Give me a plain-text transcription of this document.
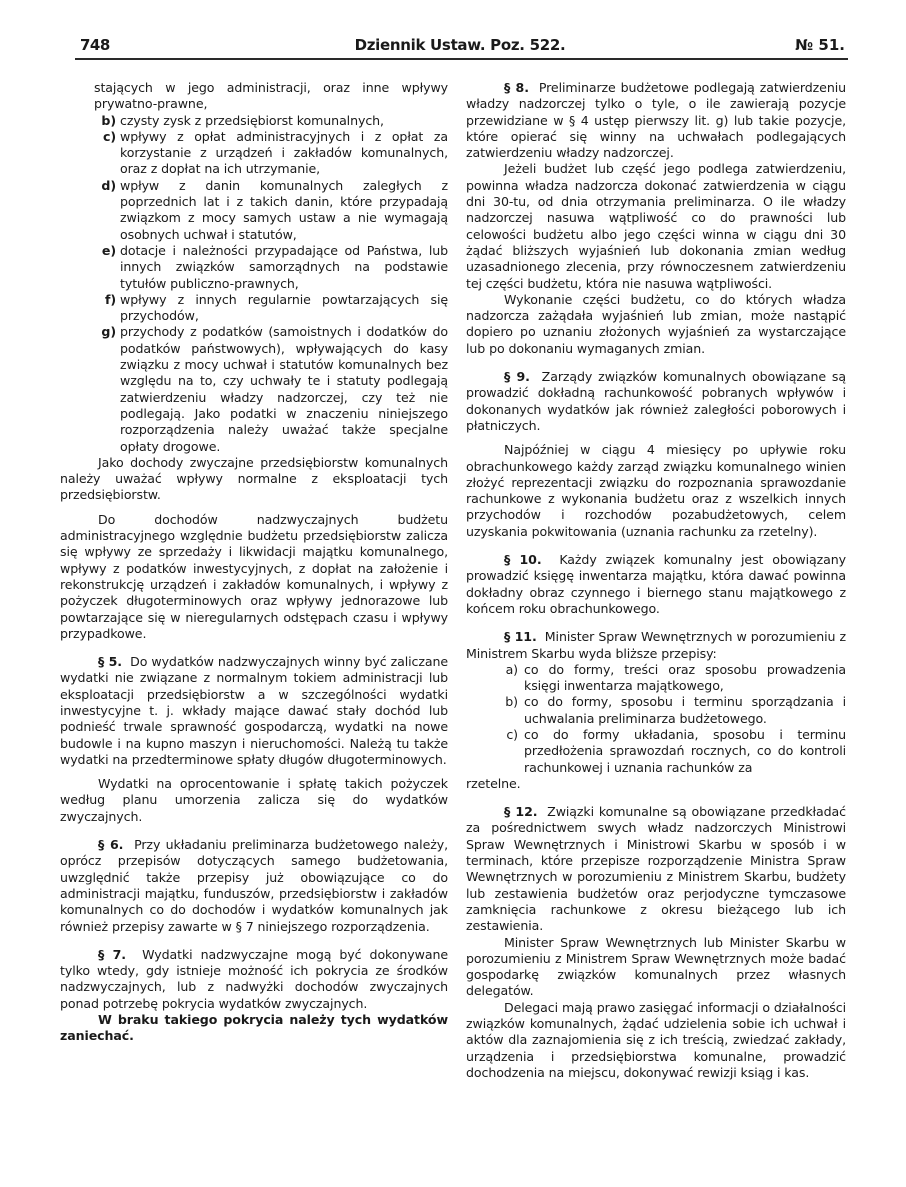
748	Dziennik Ustaw. Poz. 522.	№ 51.

stających w jego administracji, oraz inne wpływy prywatno-prawne,

b) czysty zysk z przedsiębiorst komunalnych,
c) wpływy z opłat administracyjnych i z opłat za korzystanie z urządzeń i zakładów komunalnych, oraz z dopłat na ich utrzymanie,
d) wpływ z danin komunalnych zaległych z poprzednich lat i z takich danin, które przypadają związkom z mocy samych ustaw a nie wymagają osobnych uchwał i statutów,
e) dotacje i należności przypadające od Państwa, lub innych związków samorządnych na podstawie tytułów publiczno-prawnych,
f) wpływy z innych regularnie powtarzających się przychodów,
g) przychody z podatków (samoistnych i dodatków do podatków państwowych), wpływających do kasy związku z mocy uchwał i statutów komunalnych bez względu na to, czy uchwały te i statuty podlegają zatwierdzeniu władzy nadzorczej, czy też nie podlegają. Jako podatki w znaczeniu niniejszego rozporządzenia należy uważać także specjalne opłaty drogowe.

Jako dochody zwyczajne przedsiębiorstw komunalnych należy uważać wpływy normalne z eksploatacji tych przedsiębiorstw.

Do dochodów nadzwyczajnych budżetu administracyjnego względnie budżetu przedsiębiorstw zalicza się wpływy ze sprzedaży i likwidacji majątku komunalnego, wpływy z podatków inwestycyjnych, z dopłat na założenie i rekonstrukcję urządzeń i zakładów komunalnych, i wpływy z pożyczek długoterminowych oraz wpływy jednorazowe lub powtarzające się w nieregularnych odstępach czasu i wpływy przypadkowe.

§ 5. Do wydatków nadzwyczajnych winny być zaliczane wydatki nie związane z normalnym tokiem administracji lub eksploatacji przedsiębiorstw a w szczególności wydatki inwestycyjne t. j. wkłady mające dawać stały dochód lub podnieść trwale sprawność gospodarczą, wydatki na nowe budowle i na kupno maszyn i nieruchomości. Należą tu także wydatki na przedterminowe spłaty długów długoterminowych.

Wydatki na oprocentowanie i spłatę takich pożyczek według planu umorzenia zalicza się do wydatków zwyczajnych.

§ 6. Przy układaniu preliminarza budżetowego należy, oprócz przepisów dotyczących samego budżetowania, uwzględnić także przepisy już obowiązujące co do administracji majątku, funduszów, przedsiębiorstw i zakładów komunalnych co do dochodów i wydatków komunalnych jak również przepisy zawarte w § 7 niniejszego rozporządzenia.

§ 7. Wydatki nadzwyczajne mogą być dokonywane tylko wtedy, gdy istnieje możność ich pokrycia ze środków nadzwyczajnych, lub z nadwyżki dochodów zwyczajnych ponad potrzebę pokrycia wydatków zwyczajnych.

W braku takiego pokrycia należy tych wydatków zaniechać.

§ 8. Preliminarze budżetowe podlegają zatwierdzeniu władzy nadzorczej tylko o tyle, o ile zawierają pozycje przewidziane w § 4 ustęp pierwszy lit. g) lub takie pozycje, które opierać się winny na uchwałach podlegających zatwierdzeniu władzy nadzorczej.

Jeżeli budżet lub część jego podlega zatwierdzeniu, powinna władza nadzorcza dokonać zatwierdzenia w ciągu dni 30-tu, od dnia otrzymania preliminarza. O ile władzy nadzorczej nasuwa wątpliwość co do prawności lub celowości budżetu albo jego części winna w ciągu dni 30 żądać bliższych wyjaśnień lub dokonania zmian według uzasadnionego zlecenia, przy równoczesnem zatwierdzeniu tej części budżetu, która nie nasuwa wątpliwości.

Wykonanie części budżetu, co do których władza nadzorcza zażądała wyjaśnień lub zmian, może nastąpić dopiero po uznaniu złożonych wyjaśnień za wystarczające lub po dokonaniu wymaganych zmian.

§ 9. Zarządy związków komunalnych obowiązane są prowadzić dokładną rachunkowość pobranych wpływów i dokonanych wydatków jak również zaległości poborowych i płatniczych.

Najpóźniej w ciągu 4 miesięcy po upływie roku obrachunkowego każdy zarząd związku komunalnego winien złożyć reprezentacji związku do rozpoznania sprawozdanie rachunkowe z wykonania budżetu oraz z wszelkich innych przychodów i rozchodów pozabudżetowych, celem uzyskania pokwitowania (uznania rachunku za rzetelny).

§ 10. Każdy związek komunalny jest obowiązany prowadzić księgę inwentarza majątku, która dawać powinna dokładny obraz czynnego i biernego stanu majątkowego z końcem roku obrachunkowego.

§ 11. Minister Spraw Wewnętrznych w porozumieniu z Ministrem Skarbu wyda bliższe przepisy:

a) co do formy, treści oraz sposobu prowadzenia księgi inwentarza majątkowego,
b) co do formy, sposobu i terminu sporządzania i uchwalania preliminarza budżetowego.
c) co do formy układania, sposobu i terminu przedłożenia sprawozdań rocznych, co do kontroli rachunkowej i uznania rachunków za

rzetelne.

§ 12. Związki komunalne są obowiązane przedkładać za pośrednictwem swych władz nadzorczych Ministrowi Spraw Wewnętrznych i Ministrowi Skarbu w sposób i w terminach, które przepisze rozporządzenie Ministra Spraw Wewnętrznych w porozumieniu z Ministrem Skarbu, budżety lub zestawienia budżetów oraz perjodyczne tymczasowe zamknięcia rachunkowe z okresu bieżącego lub ich zestawienia.

Minister Spraw Wewnętrznych lub Minister Skarbu w porozumieniu z Ministrem Spraw Wewnętrznych może badać gospodarkę związków komunalnych przez własnych delegatów.

Delegaci mają prawo zasięgać informacji o działalności związków komunalnych, żądać udzielenia sobie ich uchwał i aktów dla zaznajomienia się z ich treścią, zwiedzać zakłady, urządzenia i przedsiębiorstwa komunalne, prowadzić dochodzenia na miejscu, dokonywać rewizji ksiąg i kas.
